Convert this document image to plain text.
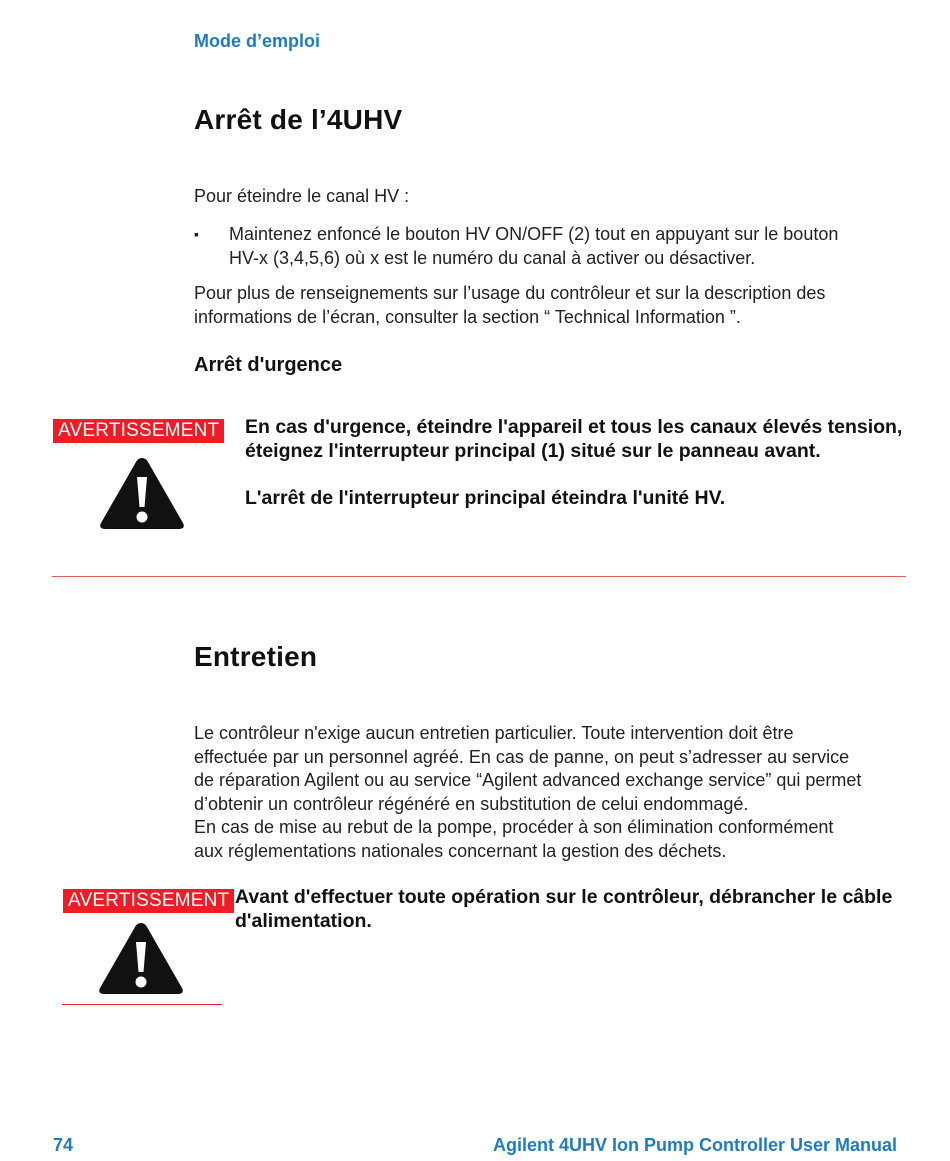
Mode d’emploi
Arrêt de l’4UHV
Pour éteindre le canal HV :
▪	Maintenez enfoncé le bouton HV ON/OFF (2) tout en appuyant sur le bouton
HV-x (3,4,5,6) où x est le numéro du canal à activer ou désactiver.
Pour plus de renseignements sur l’usage du contrôleur et sur la description des
informations de l’écran, consulter la section “ Technical Information ”.
Arrêt d'urgence
AVERTISSEMENT En cas d'urgence, éteindre l'appareil et tous les canaux élevés tension,
éteignez l'interrupteur principal (1) situé sur le panneau avant.
L'arrêt de l'interrupteur principal éteindra l'unité HV.
Entretien
Le contrôleur n'exige aucun entretien particulier. Toute intervention doit être
effectuée par un personnel agréé. En cas de panne, on peut s’adresser au service
de réparation Agilent ou au service “Agilent advanced exchange service” qui permet
d’obtenir un contrôleur régénéré en substitution de celui endommagé.
En cas de mise au rebut de la pompe, procéder à son élimination conformément
aux réglementations nationales concernant la gestion des déchets.
AVERTISSEMENT Avant d'effectuer toute opération sur le contrôleur, débrancher le câble
d'alimentation.
74	Agilent 4UHV Ion Pump Controller User Manual
